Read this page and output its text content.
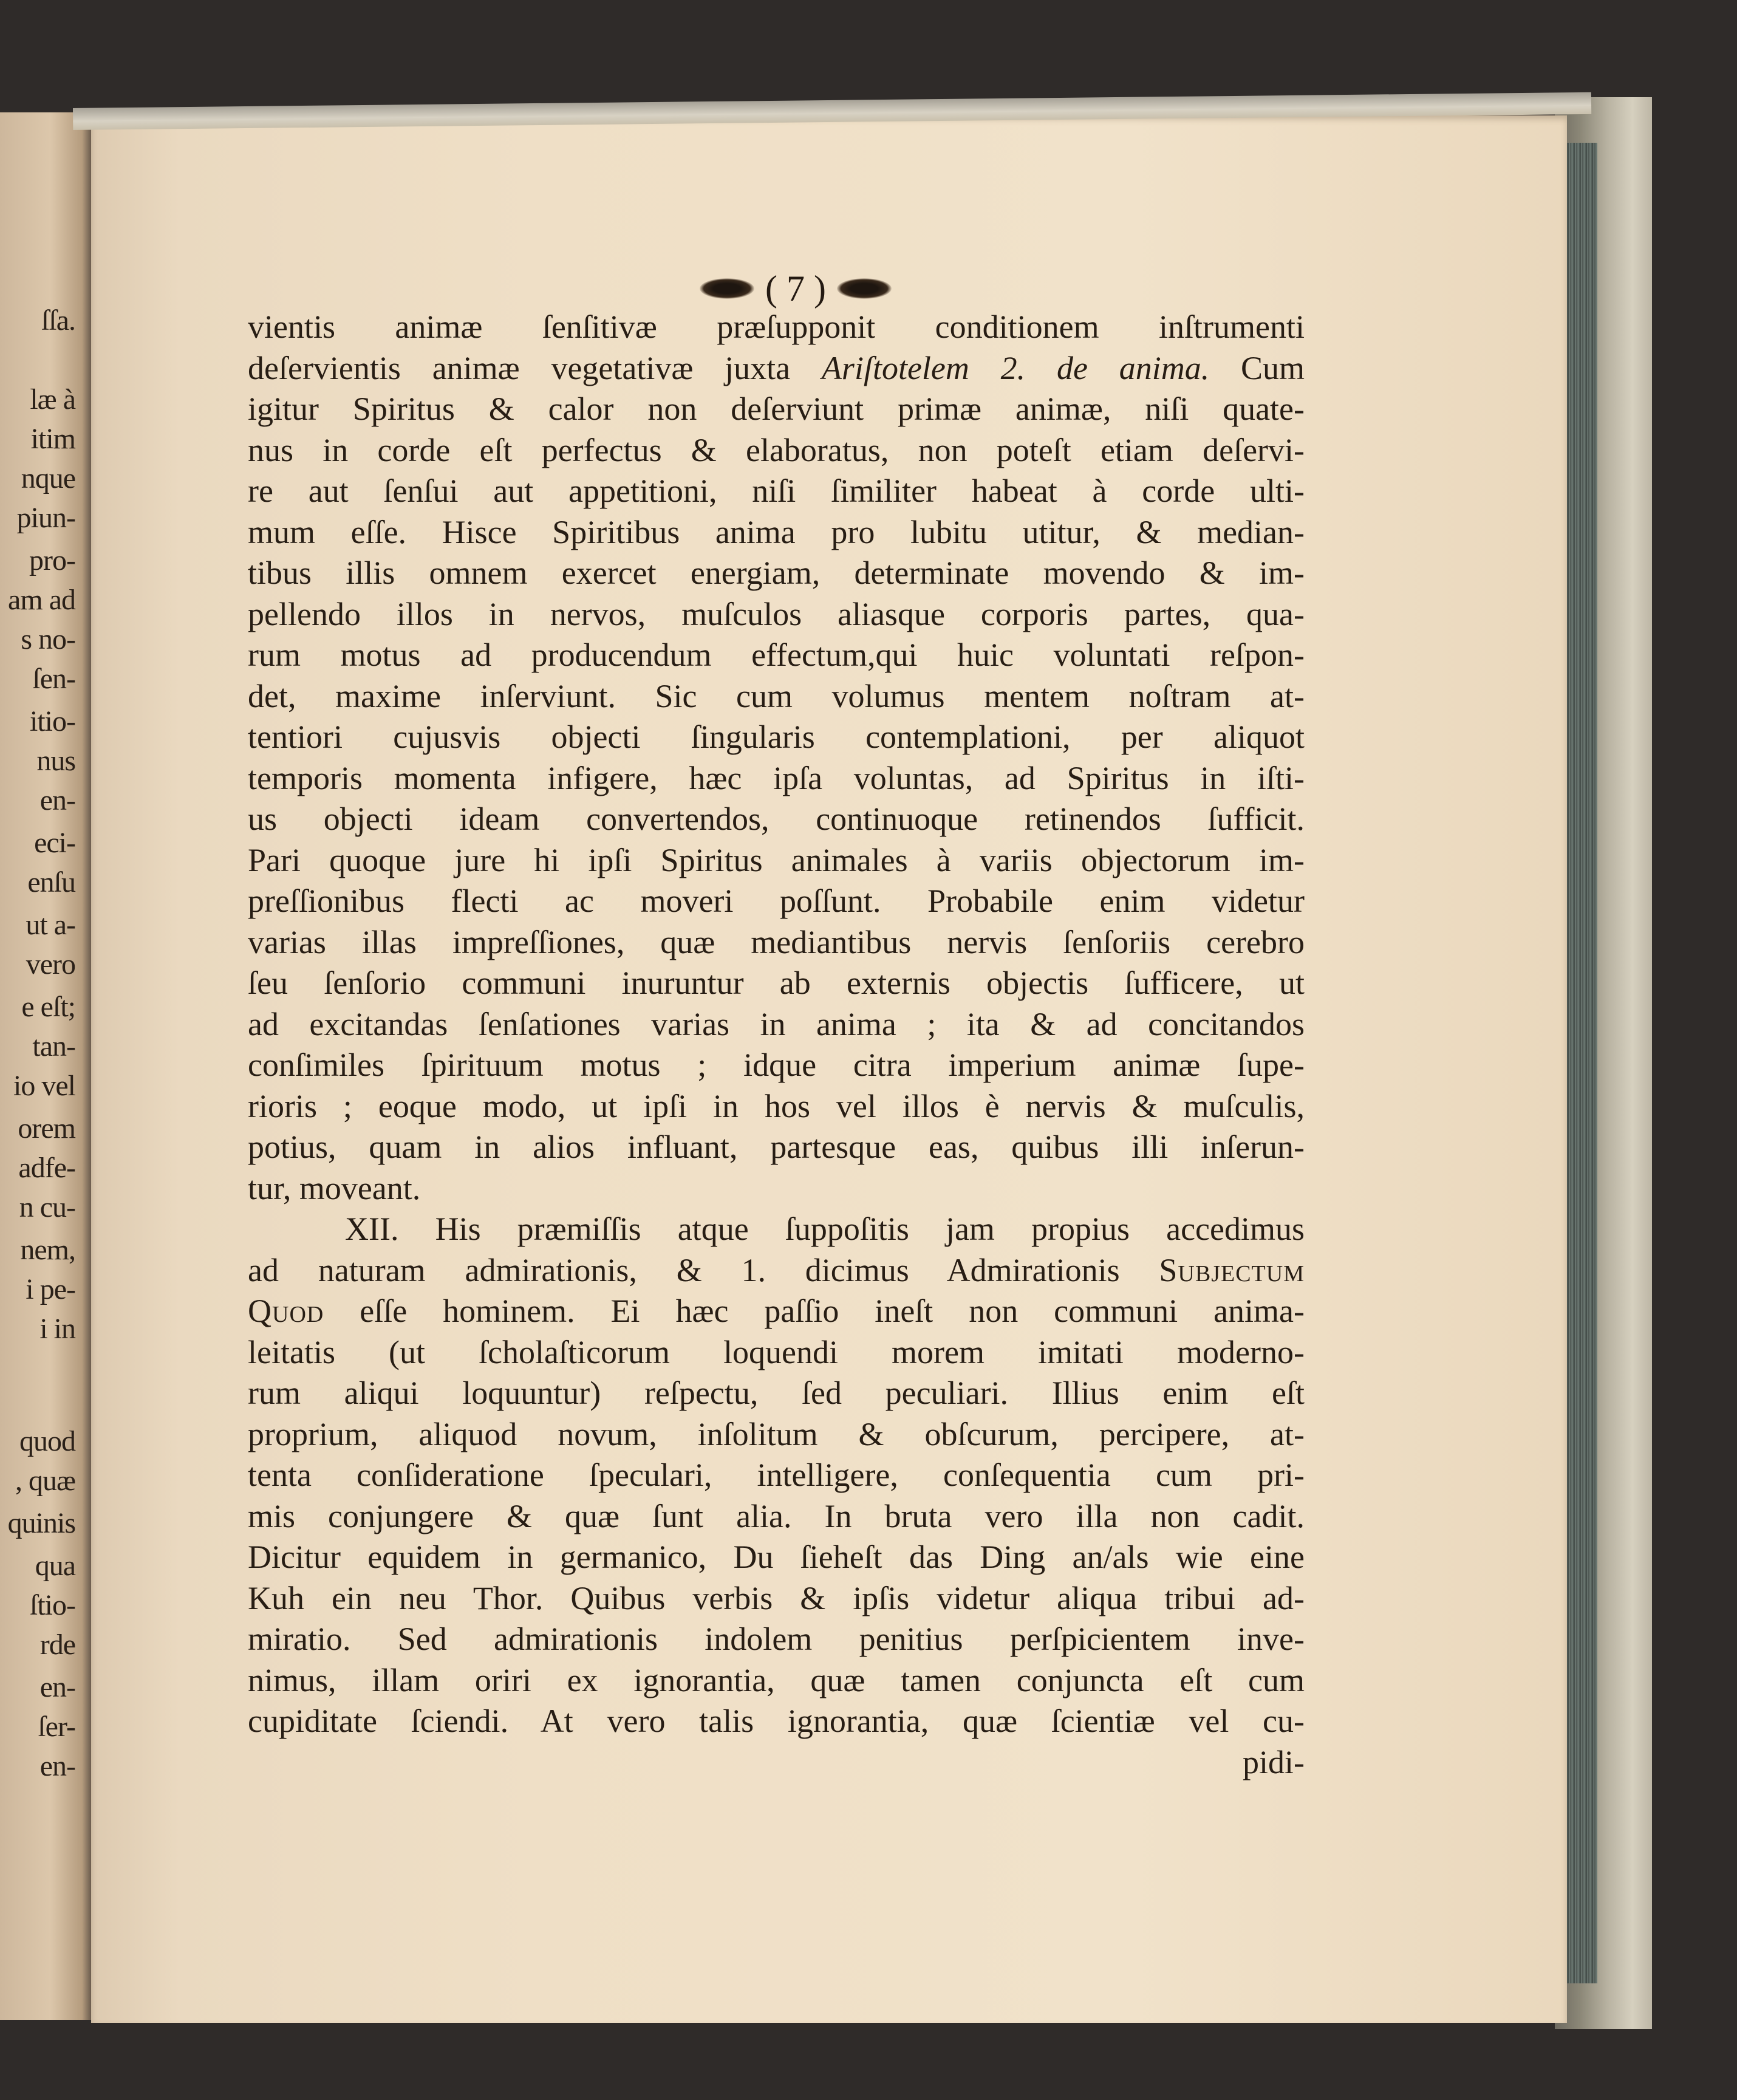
ſſa.
læ à
itim
nque
piun-
pro-
am ad
s no-
ſen-
itio-
nus
en-
eci-
enſu
ut a-
vero
e eſt;
tan-
io vel
orem
adfe-
n cu-
nem,
i pe-
i in
quod
, quæ
quinis
qua
ſtio-
rde
en-
ſer-
en-
( 7 )
vientis animæ ſenſitivæ præſupponit conditionem inſtrumenti
deſervientis animæ vegetativæ juxta Ariſtotelem 2. de anima. Cum
igitur Spiritus & calor non deſerviunt primæ animæ, niſi quate-
nus in corde eſt perfectus & elaboratus, non poteſt etiam deſervi-
re aut ſenſui aut appetitioni, niſi ſimiliter habeat à corde ulti-
mum eſſe. Hisce Spiritibus anima pro lubitu utitur, & median-
tibus illis omnem exercet energiam, determinate movendo & im-
pellendo illos in nervos, muſculos aliasque corporis partes, qua-
rum motus ad producendum effectum,qui huic voluntati reſpon-
det, maxime inſerviunt. Sic cum volumus mentem noſtram at-
tentiori cujusvis objecti ſingularis contemplationi, per aliquot
temporis momenta infigere, hæc ipſa voluntas, ad Spiritus in iſti-
us objecti ideam convertendos, continuoque retinendos ſufficit.
Pari quoque jure hi ipſi Spiritus animales à variis objectorum im-
preſſionibus flecti ac moveri poſſunt. Probabile enim videtur
varias illas impreſſiones, quæ mediantibus nervis ſenſoriis cerebro
ſeu ſenſorio communi inuruntur ab externis objectis ſufficere, ut
ad excitandas ſenſationes varias in anima ; ita & ad concitandos
conſimiles ſpirituum motus ; idque citra imperium animæ ſupe-
rioris ; eoque modo, ut ipſi in hos vel illos è nervis & muſculis,
potius, quam in alios influant, partesque eas, quibus illi inſerun-
tur, moveant.
XII. His præmiſſis atque ſuppoſitis jam propius accedimus
ad naturam admirationis, & 1. dicimus Admirationis Subjectum
Quod eſſe hominem. Ei hæc paſſio ineſt non communi anima-
leitatis (ut ſcholaſticorum loquendi morem imitati moderno-
rum aliqui loquuntur) reſpectu, ſed peculiari. Illius enim eſt
proprium, aliquod novum, inſolitum & obſcurum, percipere, at-
tenta conſideratione ſpeculari, intelligere, conſequentia cum pri-
mis conjungere & quæ ſunt alia. In bruta vero illa non cadit.
Dicitur equidem in germanico, Du ſieheſt das Ding an/als wie eine
Kuh ein neu Thor. Quibus verbis & ipſis videtur aliqua tribui ad-
miratio. Sed admirationis indolem penitius perſpicientem inve-
nimus, illam oriri ex ignorantia, quæ tamen conjuncta eſt cum
cupiditate ſciendi. At vero talis ignorantia, quæ ſcientiæ vel cu-
pidi-
